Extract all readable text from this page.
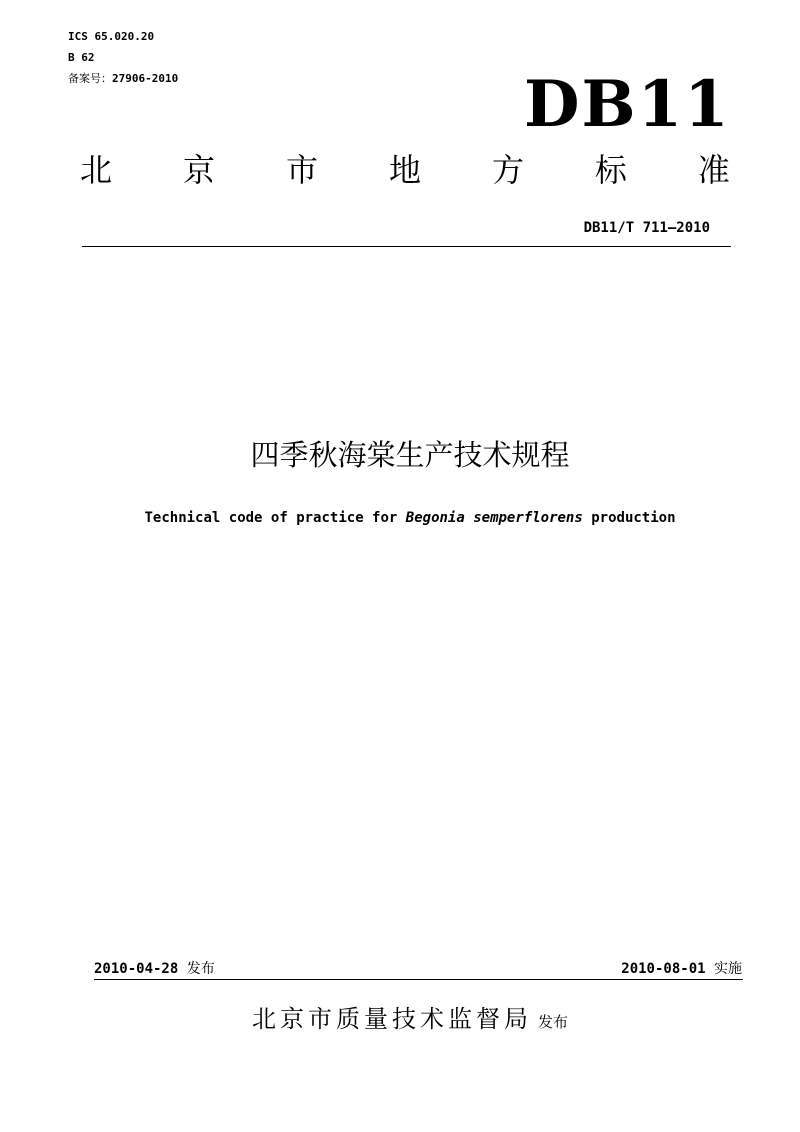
ICS 65.020.20
B 62
备案号：27906-2010	DB11
北 京 市 地 方 标 准
DB11/T 711—2010
四季秋海棠生产技术规程
Technical code of practice for Begonia semperflorens production
2010-04-28 发布	2010-08-01 实施
北京市质量技术监督局 发布
